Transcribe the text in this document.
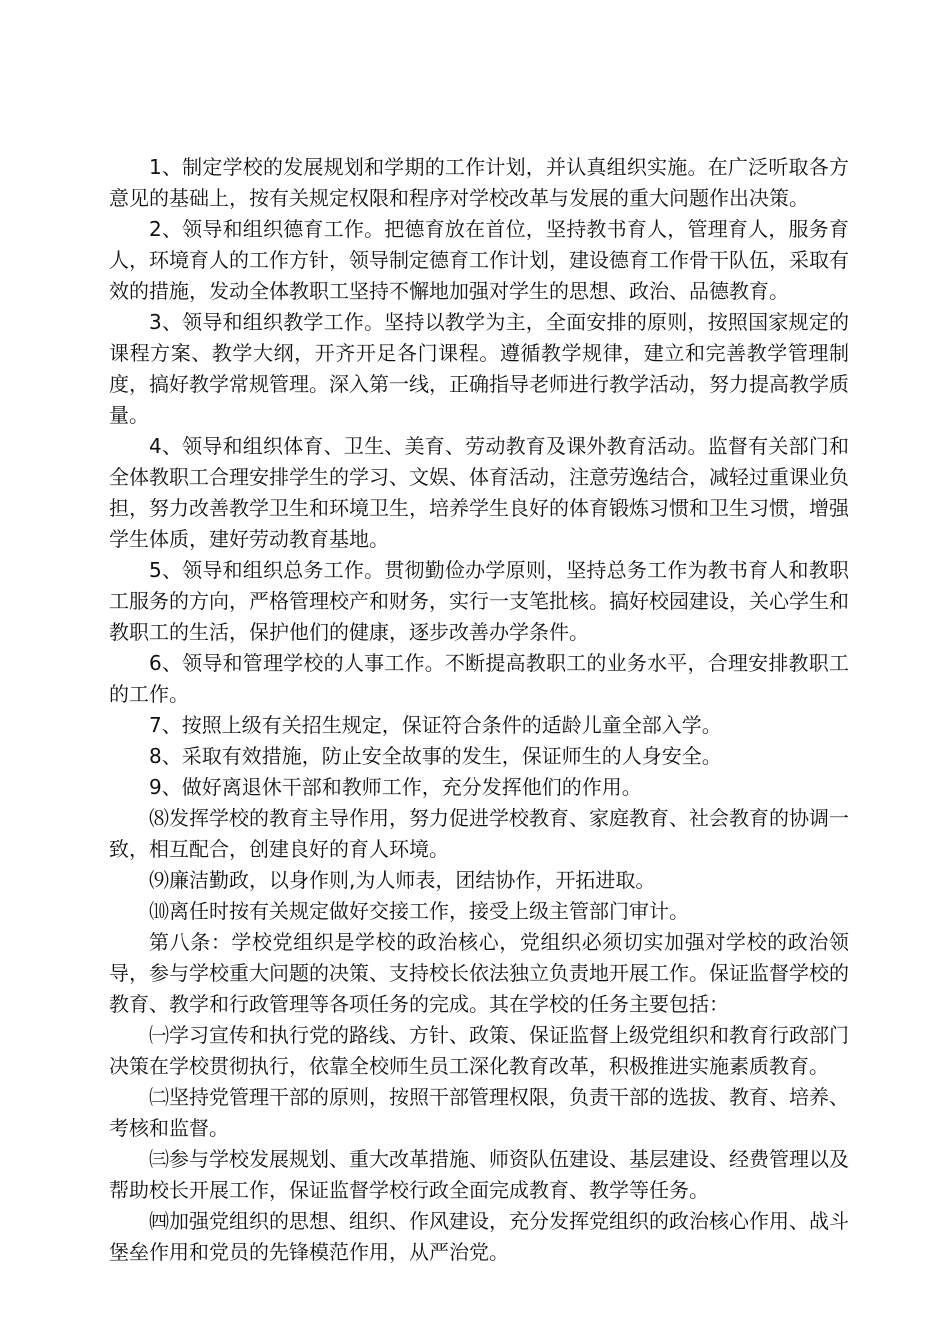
1、制定学校的发展规划和学期的工作计划，并认真组织实施。在广泛听取各方意见的基础上，按有关规定权限和程序对学校改革与发展的重大问题作出决策。

2、领导和组织德育工作。把德育放在首位，坚持教书育人，管理育人，服务育人，环境育人的工作方针，领导制定德育工作计划，建设德育工作骨干队伍，采取有效的措施，发动全体教职工坚持不懈地加强对学生的思想、政治、品德教育。

3、领导和组织教学工作。坚持以教学为主，全面安排的原则，按照国家规定的课程方案、教学大纲，开齐开足各门课程。遵循教学规律，建立和完善教学管理制度，搞好教学常规管理。深入第一线，正确指导老师进行教学活动，努力提高教学质量。

4、领导和组织体育、卫生、美育、劳动教育及课外教育活动。监督有关部门和全体教职工合理安排学生的学习、文娱、体育活动，注意劳逸结合，减轻过重课业负担，努力改善教学卫生和环境卫生，培养学生良好的体育锻炼习惯和卫生习惯，增强学生体质，建好劳动教育基地。

5、领导和组织总务工作。贯彻勤俭办学原则，坚持总务工作为教书育人和教职工服务的方向，严格管理校产和财务，实行一支笔批核。搞好校园建设，关心学生和教职工的生活，保护他们的健康，逐步改善办学条件。

6、领导和管理学校的人事工作。不断提高教职工的业务水平，合理安排教职工的工作。

7、按照上级有关招生规定，保证符合条件的适龄儿童全部入学。

8、采取有效措施，防止安全故事的发生，保证师生的人身安全。

9、做好离退休干部和教师工作，充分发挥他们的作用。

⑻发挥学校的教育主导作用，努力促进学校教育、家庭教育、社会教育的协调一致，相互配合，创建良好的育人环境。

⑼廉洁勤政，以身作则,为人师表，团结协作，开拓进取。

⑽离任时按有关规定做好交接工作，接受上级主管部门审计。

第八条：学校党组织是学校的政治核心，党组织必须切实加强对学校的政治领导，参与学校重大问题的决策、支持校长依法独立负责地开展工作。保证监督学校的教育、教学和行政管理等各项任务的完成。其在学校的任务主要包括：

㈠学习宣传和执行党的路线、方针、政策、保证监督上级党组织和教育行政部门决策在学校贯彻执行，依靠全校师生员工深化教育改革，积极推进实施素质教育。

㈡坚持党管理干部的原则，按照干部管理权限，负责干部的选拔、教育、培养、考核和监督。

㈢参与学校发展规划、重大改革措施、师资队伍建设、基层建设、经费管理以及帮助校长开展工作，保证监督学校行政全面完成教育、教学等任务。

㈣加强党组织的思想、组织、作风建设，充分发挥党组织的政治核心作用、战斗堡垒作用和党员的先锋模范作用，从严治党。
